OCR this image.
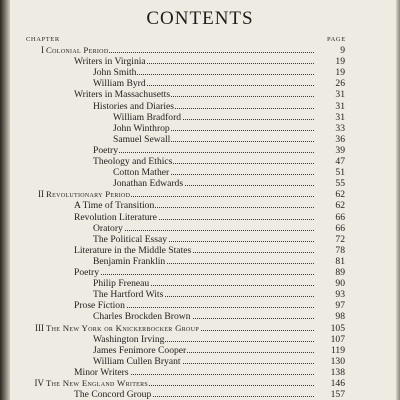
CONTENTS
CHAPTER	PAGE
I Colonial Period	9
Writers in Virginia	19
John Smith	19
William Byrd	26
Writers in Massachusetts	31
Histories and Diaries	31
William Bradford	31
John Winthrop	33
Samuel Sewall	36
Poetry	39
Theology and Ethics	47
Cotton Mather	51
Jonathan Edwards	55
II Revolutionary Period	62
A Time of Transition	62
Revolution Literature	66
Oratory	66
The Political Essay	72
Literature in the Middle States	78
Benjamin Franklin	81
Poetry	89
Philip Freneau	90
The Hartford Wits	93
Prose Fiction	97
Charles Brockden Brown	98
III The New York or Knickerbocker Group	105
Washington Irving	107
James Fenimore Cooper	119
William Cullen Bryant	130
Minor Writers	138
IV The New England Writers	146
The Concord Group	157
